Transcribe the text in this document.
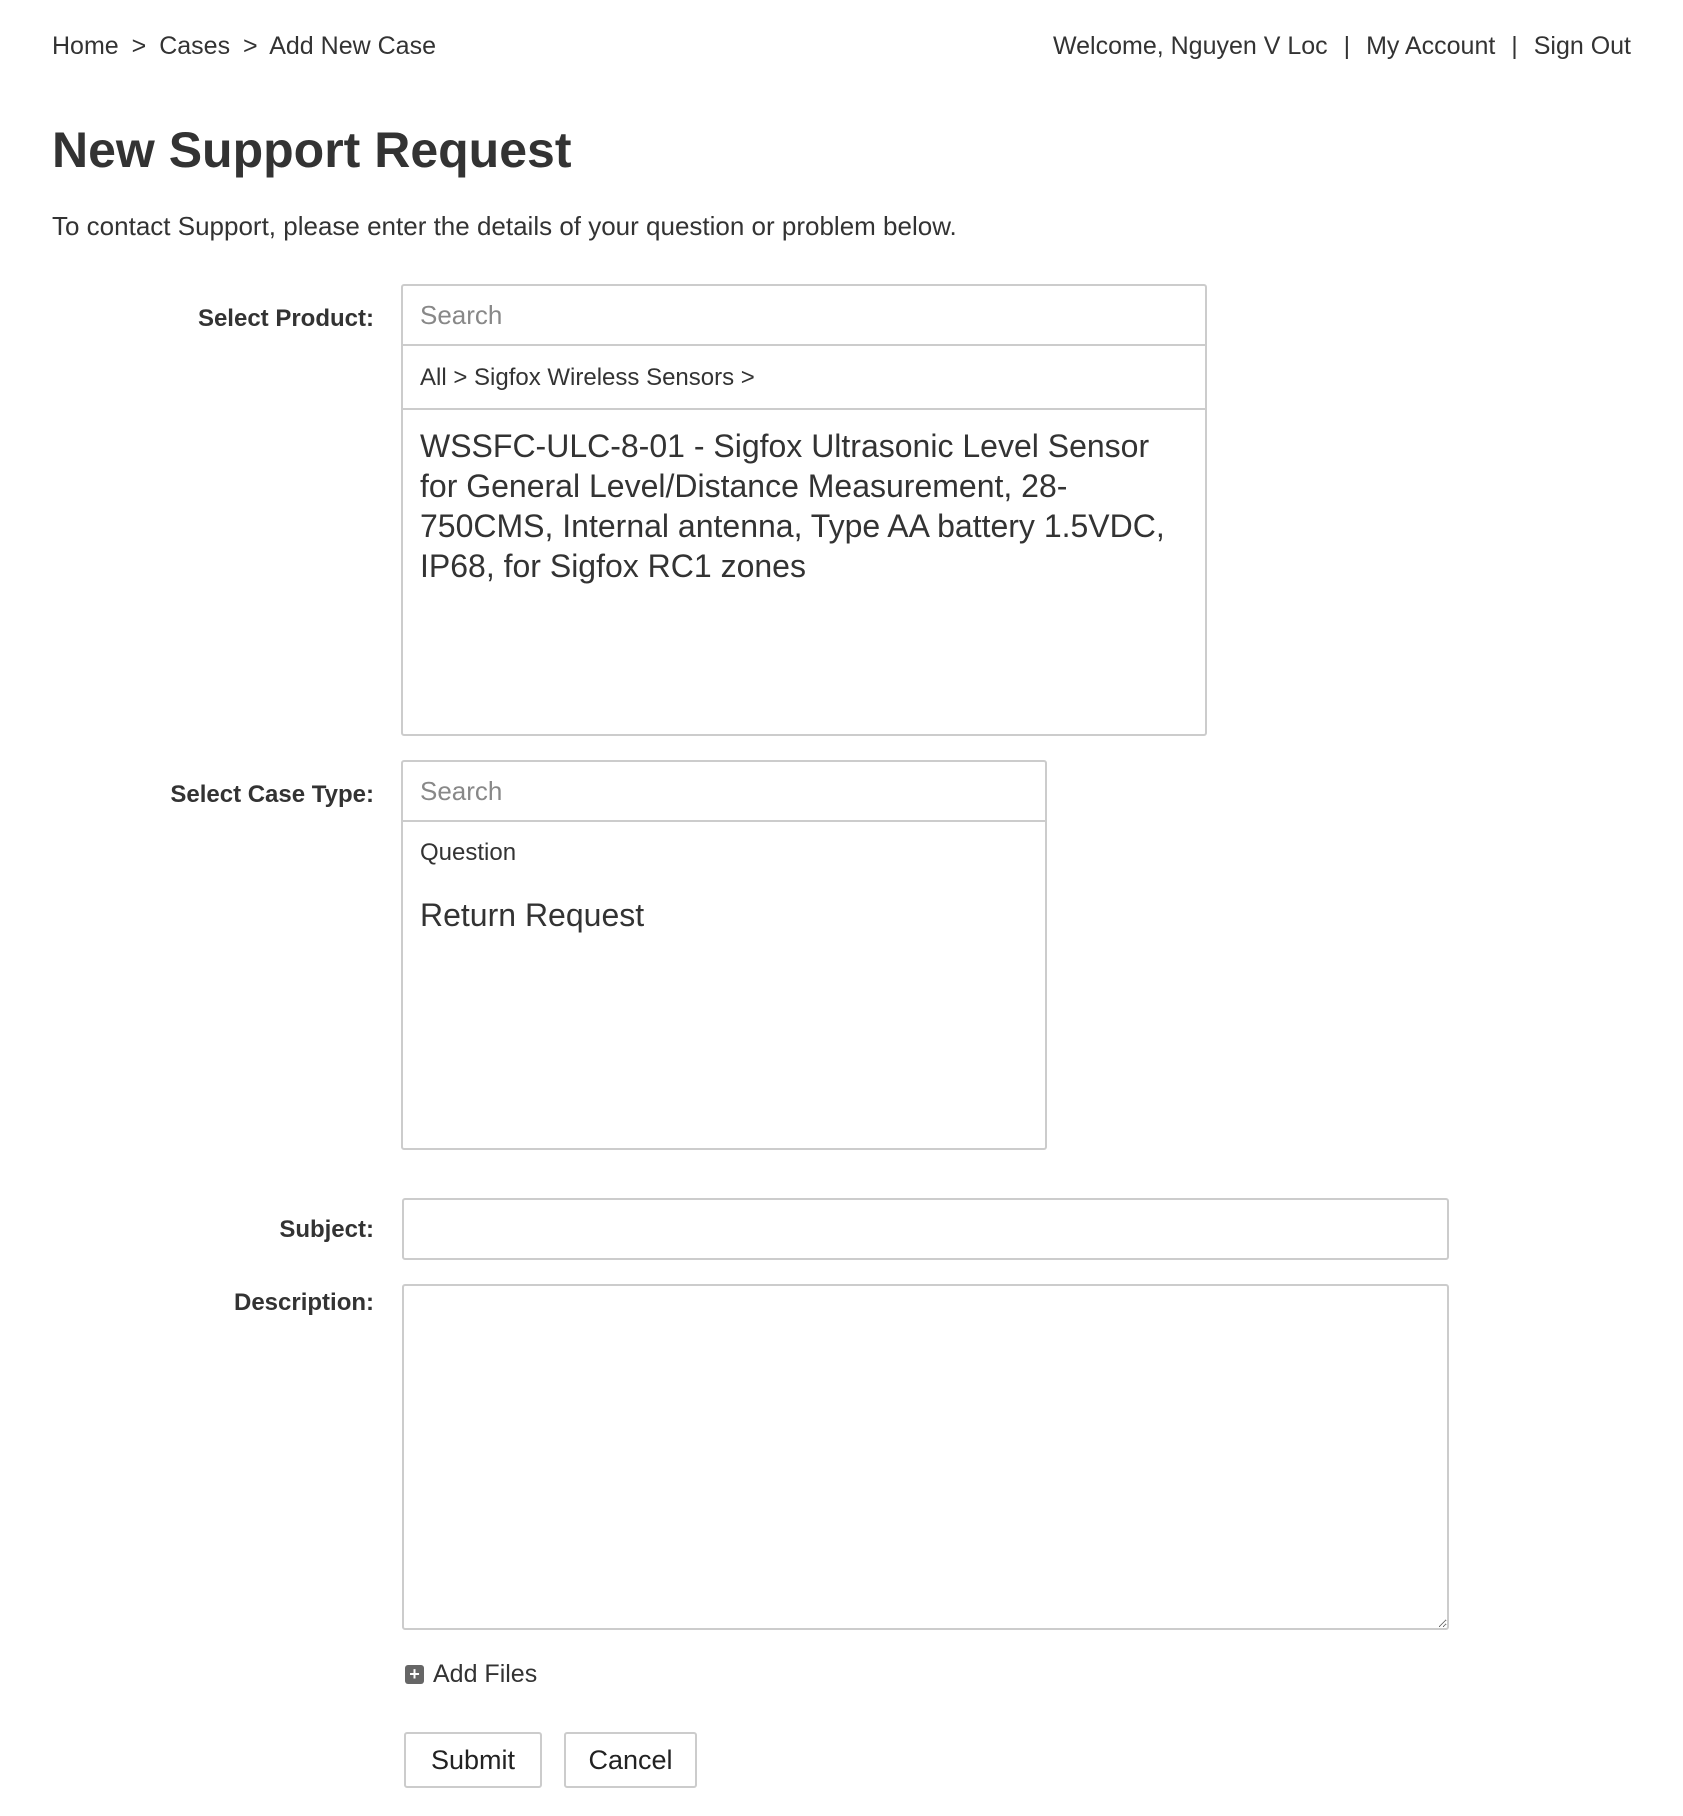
Home > Cases > Add New Case	Welcome, Nguyen V Loc | My Account | Sign Out
New Support Request
To contact Support, please enter the details of your question or problem below.
Select Product:
Search
All > Sigfox Wireless Sensors >
WSSFC-ULC-8-01 - Sigfox Ultrasonic Level Sensor for General Level/Distance Measurement, 28-750CMS, Internal antenna, Type AA battery 1.5VDC, IP68, for Sigfox RC1 zones
Select Case Type:
Search
Question
Return Request
Subject:
Description:
+ Add Files
Submit	Cancel
